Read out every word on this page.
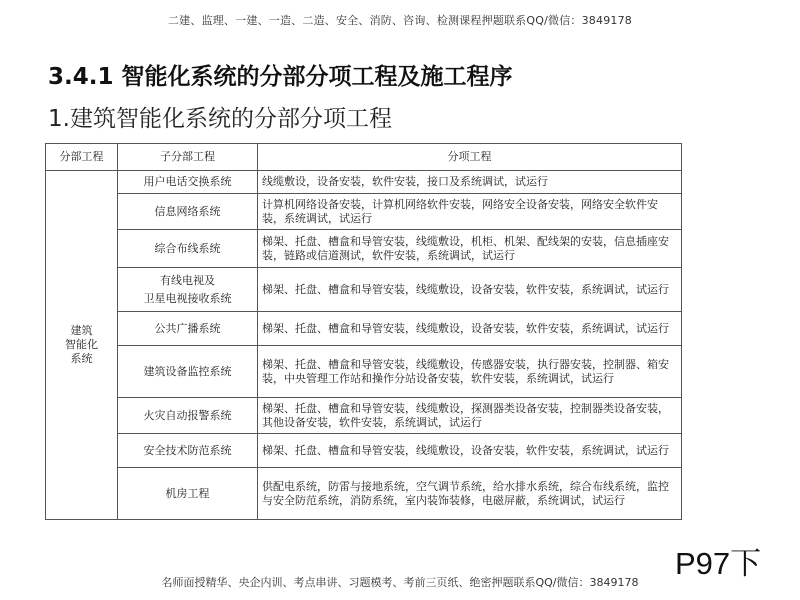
二建、监理、一建、一造、二造、安全、消防、咨询、检测课程押题联系QQ/微信：3849178
3.4.1 智能化系统的分部分项工程及施工程序
1.建筑智能化系统的分部分项工程
分部工程	子分部工程	分项工程
建筑
智能化
系统	用户电话交换系统	线缆敷设，设备安装，软件安装，接口及系统调试，试运行
	信息网络系统	计算机网络设备安装，计算机网络软件安装，网络安全设备安装，网络安全软件安装，系统调试，试运行
	综合布线系统	梯架、托盘、槽盒和导管安装，线缆敷设，机柜、机架、配线架的安装，信息插座安装，链路或信道测试，软件安装，系统调试，试运行
	有线电视及
卫星电视接收系统	梯架、托盘、槽盒和导管安装，线缆敷设，设备安装，软件安装，系统调试，试运行
	公共广播系统	梯架、托盘、槽盒和导管安装，线缆敷设，设备安装，软件安装，系统调试，试运行
	建筑设备监控系统	梯架、托盘、槽盒和导管安装，线缆敷设，传感器安装，执行器安装，控制器、箱安装，中央管理工作站和操作分站设备安装，软件安装，系统调试，试运行
	火灾自动报警系统	梯架、托盘、槽盒和导管安装，线缆敷设，探测器类设备安装，控制器类设备安装，其他设备安装，软件安装，系统调试，试运行
	安全技术防范系统	梯架、托盘、槽盒和导管安装，线缆敷设，设备安装，软件安装，系统调试，试运行
	机房工程	供配电系统，防雷与接地系统，空气调节系统，给水排水系统，综合布线系统，监控与安全防范系统，消防系统，室内装饰装修，电磁屏蔽，系统调试，试运行
P97下
名师面授精华、央企内训、考点串讲、习题模考、考前三页纸、绝密押题联系QQ/微信：3849178
